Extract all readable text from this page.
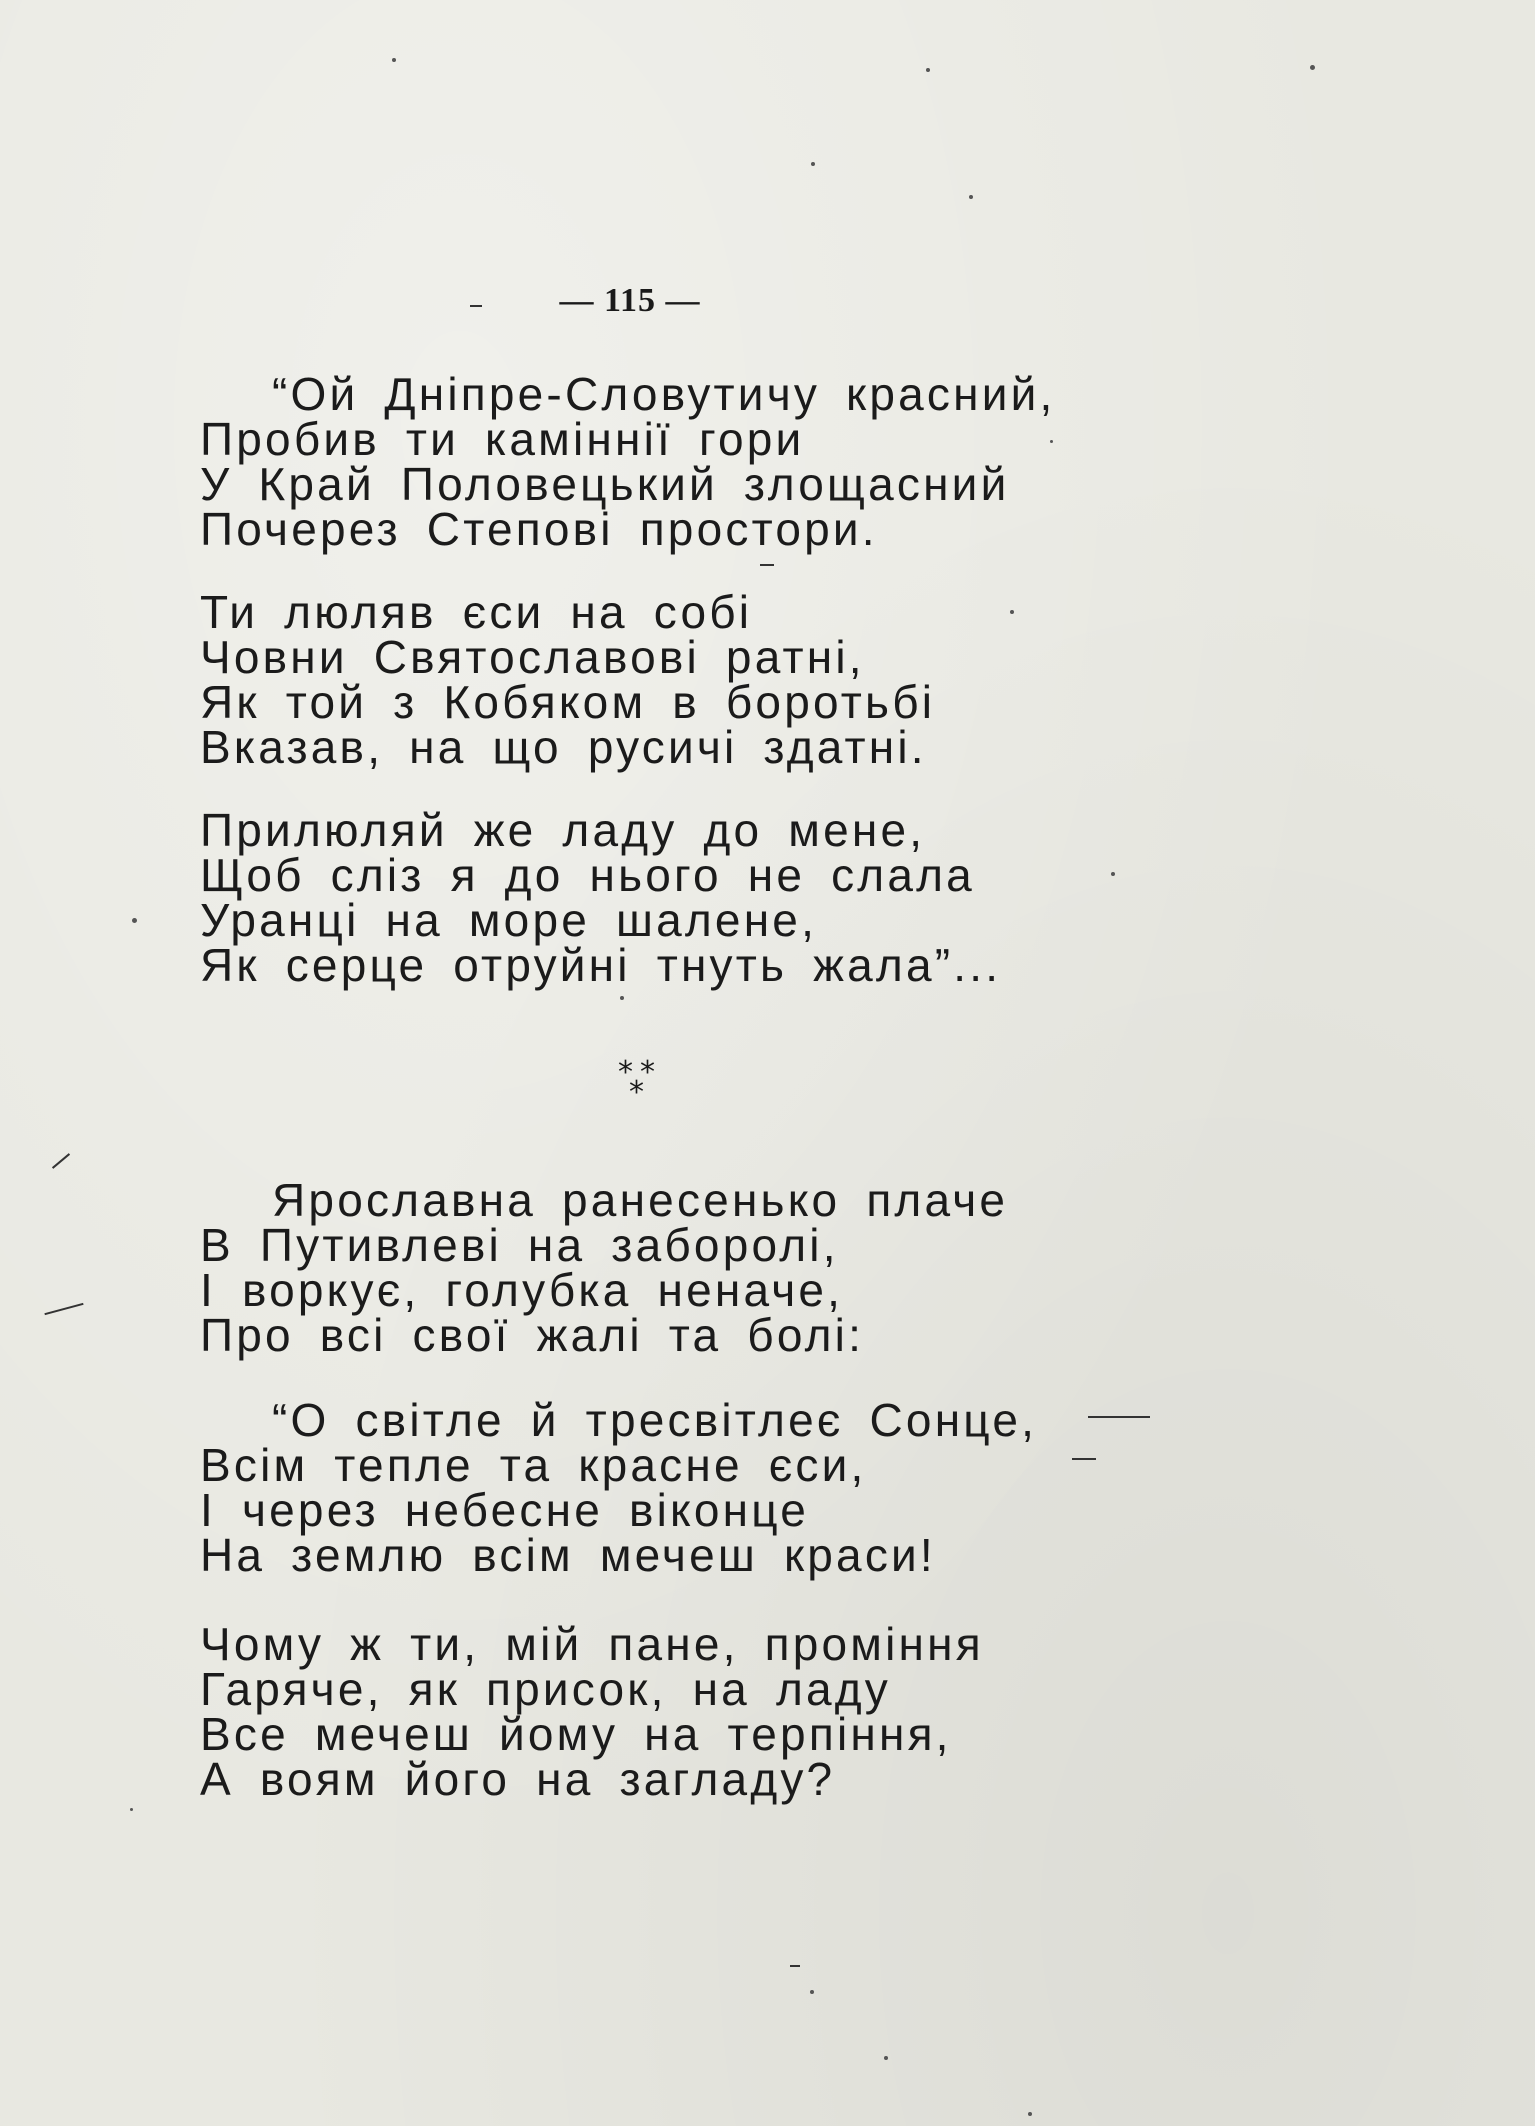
— 115 —
“Ой Дніпре-Словутичу красний,
Пробив ти каміннії гори
У Край Половецький злощасний
Почерез Степові простори.
Ти люляв єси на собі
Човни Святославові ратні,
Як той з Кобяком в боротьбі
Вказав, на що русичі здатні.
Прилюляй же ладу до мене,
Щоб сліз я до нього не слала
Уранці на море шалене,
Як серце отруйні тнуть жала”...
* *
*
Ярославна ранесенько плаче
В Путивлеві на заборолі,
І воркує, голубка неначе,
Про всі свої жалі та болі:
“О світле й тресвітлеє Сонце,
Всім тепле та красне єси,
І через небесне віконце
На землю всім мечеш краси!
Чому ж ти, мій пане, проміння
Гаряче, як присок, на ладу
Все мечеш йому на терпіння,
А воям його на загладу?
